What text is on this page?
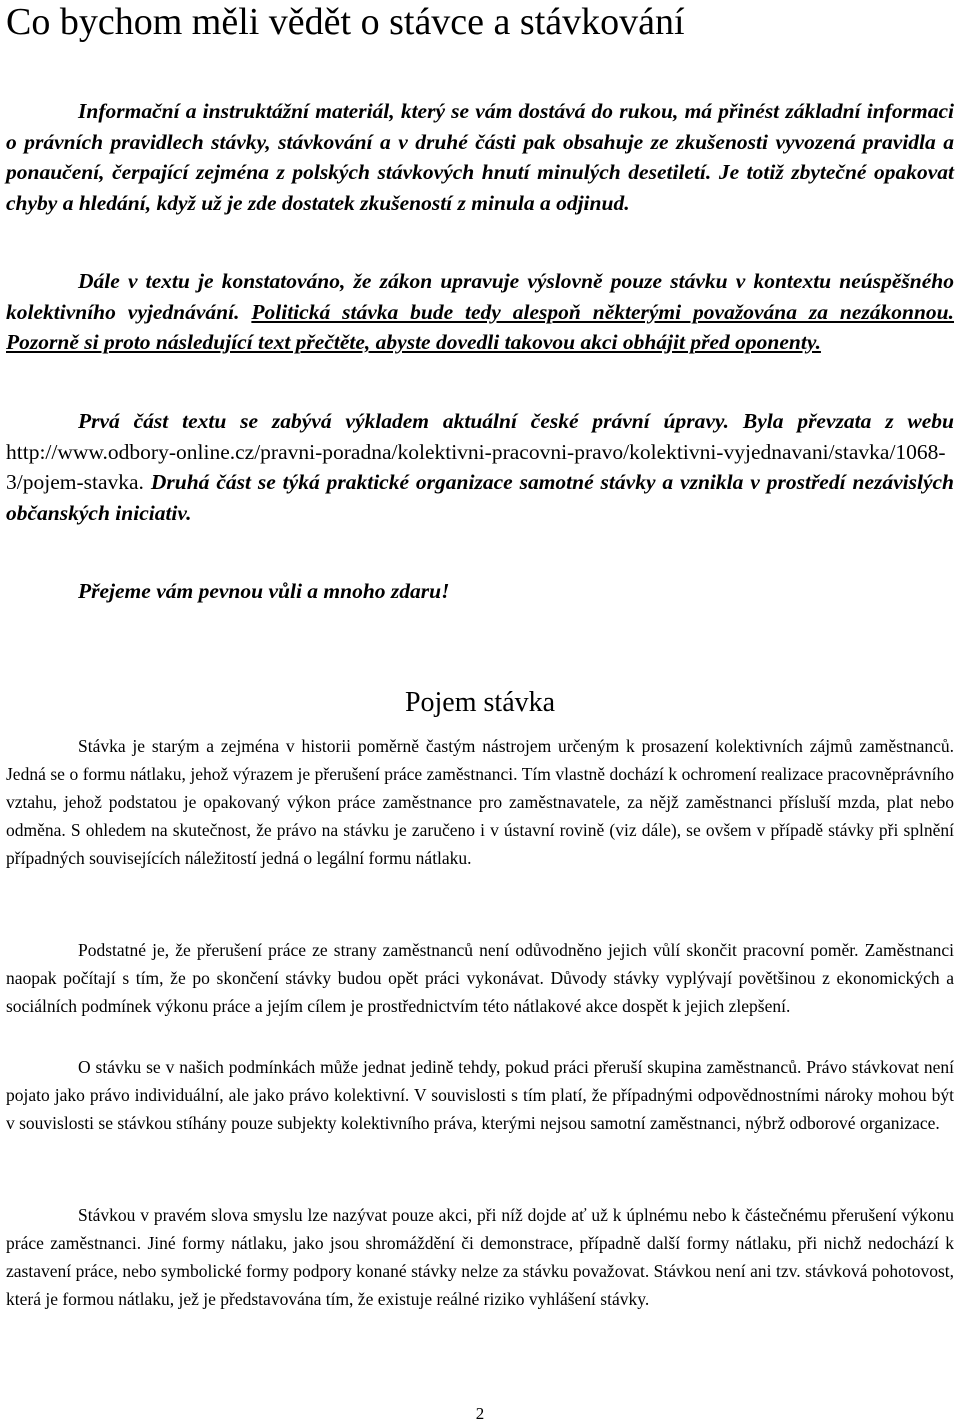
Co bychom měli vědět o stávce a stávkování

Informační a instruktážní materiál, který se vám dostává do rukou, má přinést základní informaci o právních pravidlech stávky, stávkování a v druhé části pak obsahuje ze zkušenosti vyvozená pravidla a ponaučení, čerpající zejména z polských stávkových hnutí minulých desetiletí. Je totiž zbytečné opakovat chyby a hledání, když už je zde dostatek zkušeností z minula a odjinud.

Dále v textu je konstatováno, že zákon upravuje výslovně pouze stávku v kontextu neúspěšného kolektivního vyjednávání. Politická stávka bude tedy alespoň některými považována za nezákonnou. Pozorně si proto následující text přečtěte, abyste dovedli takovou akci obhájit před oponenty.

Prvá část textu se zabývá výkladem aktuální české právní úpravy. Byla převzata z webu http://www.odbory-online.cz/pravni-poradna/kolektivni-pracovni-pravo/kolektivni-vyjednavani/stavka/1068-3/pojem-stavka. Druhá část se týká praktické organizace samotné stávky a vznikla v prostředí nezávislých občanských iniciativ.

Přejeme vám pevnou vůli a mnoho zdaru!

Pojem stávka

Stávka je starým a zejména v historii poměrně častým nástrojem určeným k prosazení kolektivních zájmů zaměstnanců. Jedná se o formu nátlaku, jehož výrazem je přerušení práce zaměstnanci. Tím vlastně dochází k ochromení realizace pracovněprávního vztahu, jehož podstatou je opakovaný výkon práce zaměstnance pro zaměstnavatele, za nějž zaměstnanci přísluší mzda, plat nebo odměna. S ohledem na skutečnost, že právo na stávku je zaručeno i v ústavní rovině (viz dále), se ovšem v případě stávky při splnění případných souvisejících náležitostí jedná o legální formu nátlaku.

Podstatné je, že přerušení práce ze strany zaměstnanců není odůvodněno jejich vůlí skončit pracovní poměr. Zaměstnanci naopak počítají s tím, že po skončení stávky budou opět práci vykonávat. Důvody stávky vyplývají povětšinou z ekonomických a sociálních podmínek výkonu práce a jejím cílem je prostřednictvím této nátlakové akce dospět k jejich zlepšení.

O stávku se v našich podmínkách může jednat jedině tehdy, pokud práci přeruší skupina zaměstnanců. Právo stávkovat není pojato jako právo individuální, ale jako právo kolektivní. V souvislosti s tím platí, že případnými odpovědnostními nároky mohou být v souvislosti se stávkou stíhány pouze subjekty kolektivního práva, kterými nejsou samotní zaměstnanci, nýbrž odborové organizace.

Stávkou v pravém slova smyslu lze nazývat pouze akci, při níž dojde ať už k úplnému nebo k částečnému přerušení výkonu práce zaměstnanci. Jiné formy nátlaku, jako jsou shromáždění či demonstrace, případně další formy nátlaku, při nichž nedochází k zastavení práce, nebo symbolické formy podpory konané stávky nelze za stávku považovat. Stávkou není ani tzv. stávková pohotovost, která je formou nátlaku, jež je představována tím, že existuje reálné riziko vyhlášení stávky.

2
